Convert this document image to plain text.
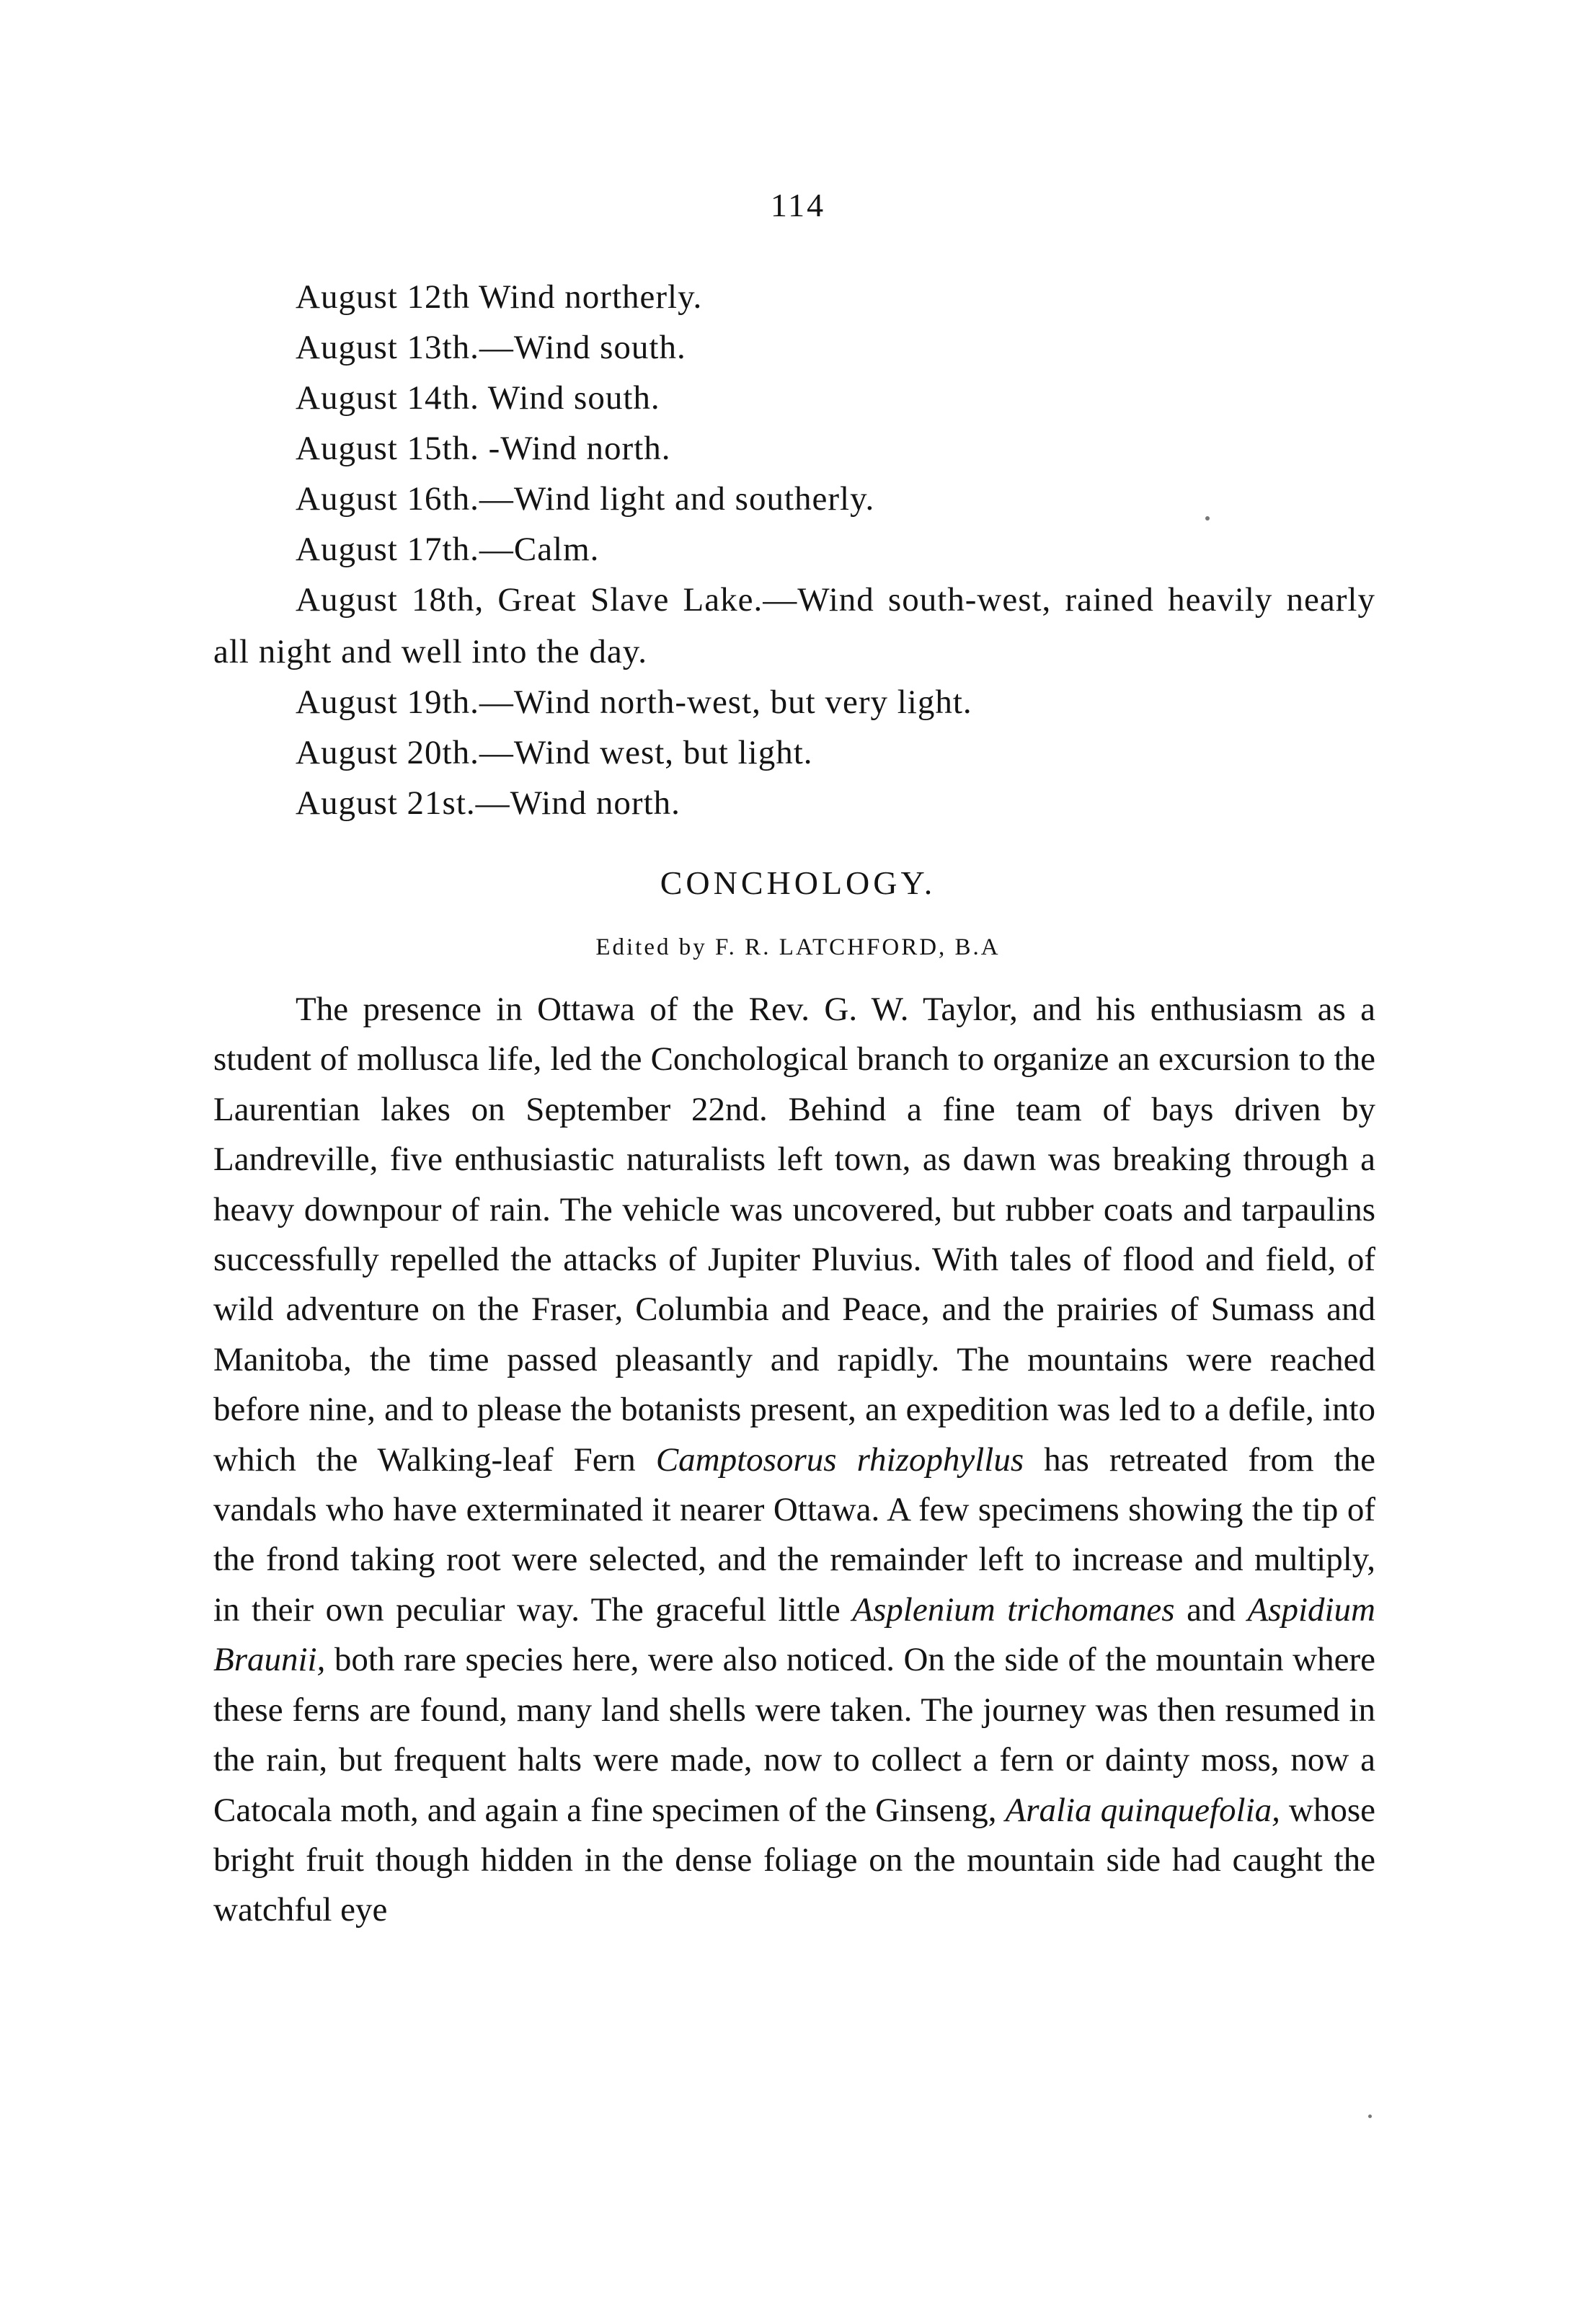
114
August 12th Wind northerly.
August 13th.—Wind south.
August 14th. Wind south.
August 15th. -Wind north.
August 16th.—Wind light and southerly.
August 17th.—Calm.
August 18th, Great Slave Lake.—Wind south-west, rained heavily nearly all night and well into the day.
August 19th.—Wind north-west, but very light.
August 20th.—Wind west, but light.
August 21st.—Wind north.
CONCHOLOGY.
Edited by F. R. LATCHFORD, B.A
The presence in Ottawa of the Rev. G. W. Taylor, and his enthusiasm as a student of mollusca life, led the Conchological branch to organize an excursion to the Laurentian lakes on September 22nd. Behind a fine team of bays driven by Landreville, five enthusiastic naturalists left town, as dawn was breaking through a heavy downpour of rain. The vehicle was uncovered, but rubber coats and tarpaulins successfully repelled the attacks of Jupiter Pluvius. With tales of flood and field, of wild adventure on the Fraser, Columbia and Peace, and the prairies of Sumass and Manitoba, the time passed pleasantly and rapidly. The mountains were reached before nine, and to please the botanists present, an expedition was led to a defile, into which the Walking-leaf Fern Camptosorus rhizophyllus has retreated from the vandals who have exterminated it nearer Ottawa. A few specimens showing the tip of the frond taking root were selected, and the remainder left to increase and multiply, in their own peculiar way. The graceful little Asplenium trichomanes and Aspidium Braunii, both rare species here, were also noticed. On the side of the mountain where these ferns are found, many land shells were taken. The journey was then resumed in the rain, but frequent halts were made, now to collect a fern or dainty moss, now a Catocala moth, and again a fine specimen of the Ginseng, Aralia quinquefolia, whose bright fruit though hidden in the dense foliage on the mountain side had caught the watchful eye
